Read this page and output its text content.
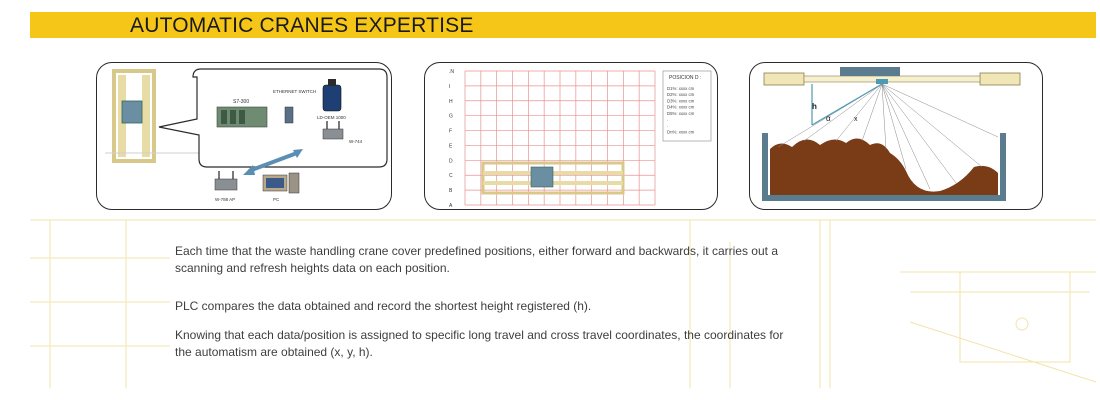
AUTOMATIC CRANES EXPERTISE
S7-300
ETHERNET SWITCH
LD-OEM 1000
W-744
W-788 AP	PC
.N
I
H
G
F
E
D
C
B
A
POSICION D :
D1%: xxxx cm
D2%: xxxx cm
D3%: xxxx cm
D4%: xxxx cm
D5%: xxxx cm
.
.
Dn%: xxxx cm
h
α	x
Each time that the waste handling crane cover predefined positions, either forward and backwards, it carries out a scanning and refresh heights data on each position.
PLC compares the data obtained and record the shortest height registered (h).
Knowing that each data/position is assigned to specific long travel and cross travel coordinates, the coordinates for the automatism are obtained (x, y, h).
